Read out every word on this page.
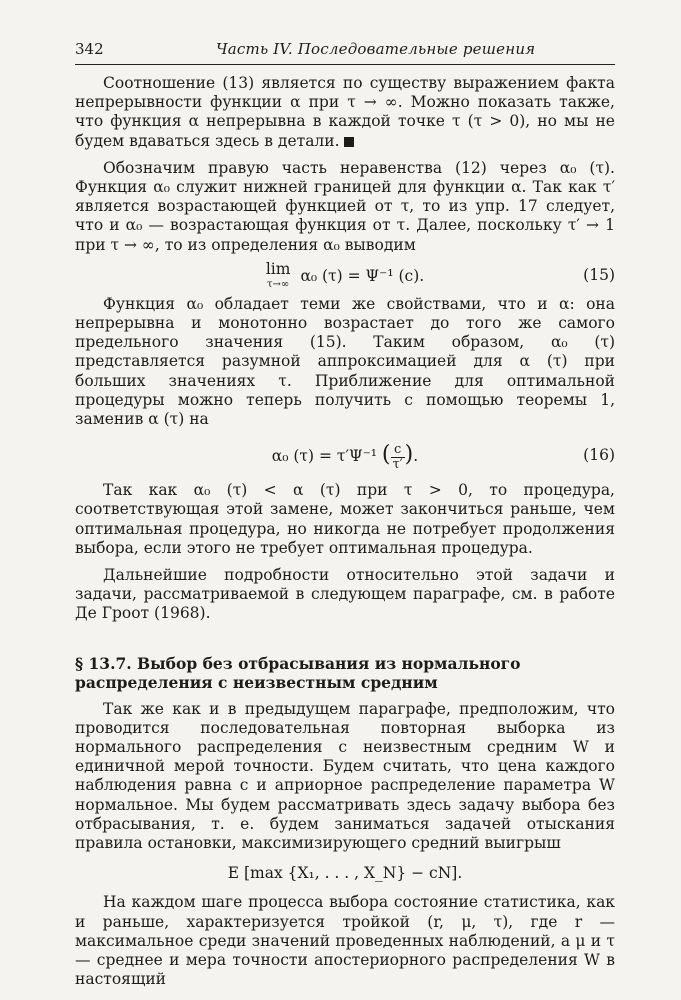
342	Часть IV. Последовательные решения

Соотношение (13) является по существу выражением факта непрерывности функции α при τ → ∞. Можно показать также, что функция α непрерывна в каждой точке τ (τ > 0), но мы не будем вдаваться здесь в детали.

Обозначим правую часть неравенства (12) через α₀ (τ). Функция α₀ служит нижней границей для функции α. Так как τ′ является возрастающей функцией от τ, то из упр. 17 следует, что и α₀ — возрастающая функция от τ. Далее, поскольку τ′ → 1 при τ → ∞, то из определения α₀ выводим

lim
τ→∞ α₀ (τ) = Ψ⁻¹ (c).	(15)

Функция α₀ обладает теми же свойствами, что и α: она непрерывна и монотонно возрастает до того же самого предельного значения (15). Таким образом, α₀ (τ) представляется разумной аппроксимацией для α (τ) при больших значениях τ. Приближение для оптимальной процедуры можно теперь получить с помощью теоремы 1, заменив α (τ) на

α₀ (τ) = τ′Ψ⁻¹ ( $\frac{c}{\tau'}$ ).	(16)

Так как α₀ (τ) < α (τ) при τ > 0, то процедура, соответствующая этой замене, может закончиться раньше, чем оптимальная процедура, но никогда не потребует продолжения выбора, если этого не требует оптимальная процедура.

Дальнейшие подробности относительно этой задачи и задачи, рассматриваемой в следующем параграфе, см. в работе Де Гроот (1968).

§ 13.7. Выбор без отбрасывания из нормального распределения с неизвестным средним

Так же как и в предыдущем параграфе, предположим, что проводится последовательная повторная выборка из нормального распределения с неизвестным средним W и единичной мерой точности. Будем считать, что цена каждого наблюдения равна c и априорное распределение параметра W нормальное. Мы будем рассматривать здесь задачу выбора без отбрасывания, т. е. будем заниматься задачей отыскания правила остановки, максимизирующего средний выигрыш

E [max {X₁, . . . , X_N} − cN].

На каждом шаге процесса выбора состояние статистика, как и раньше, характеризуется тройкой (r, μ, τ), где r — максимальное среди значений проведенных наблюдений, а μ и τ — среднее и мера точности апостериорного распределения W в настоящий
